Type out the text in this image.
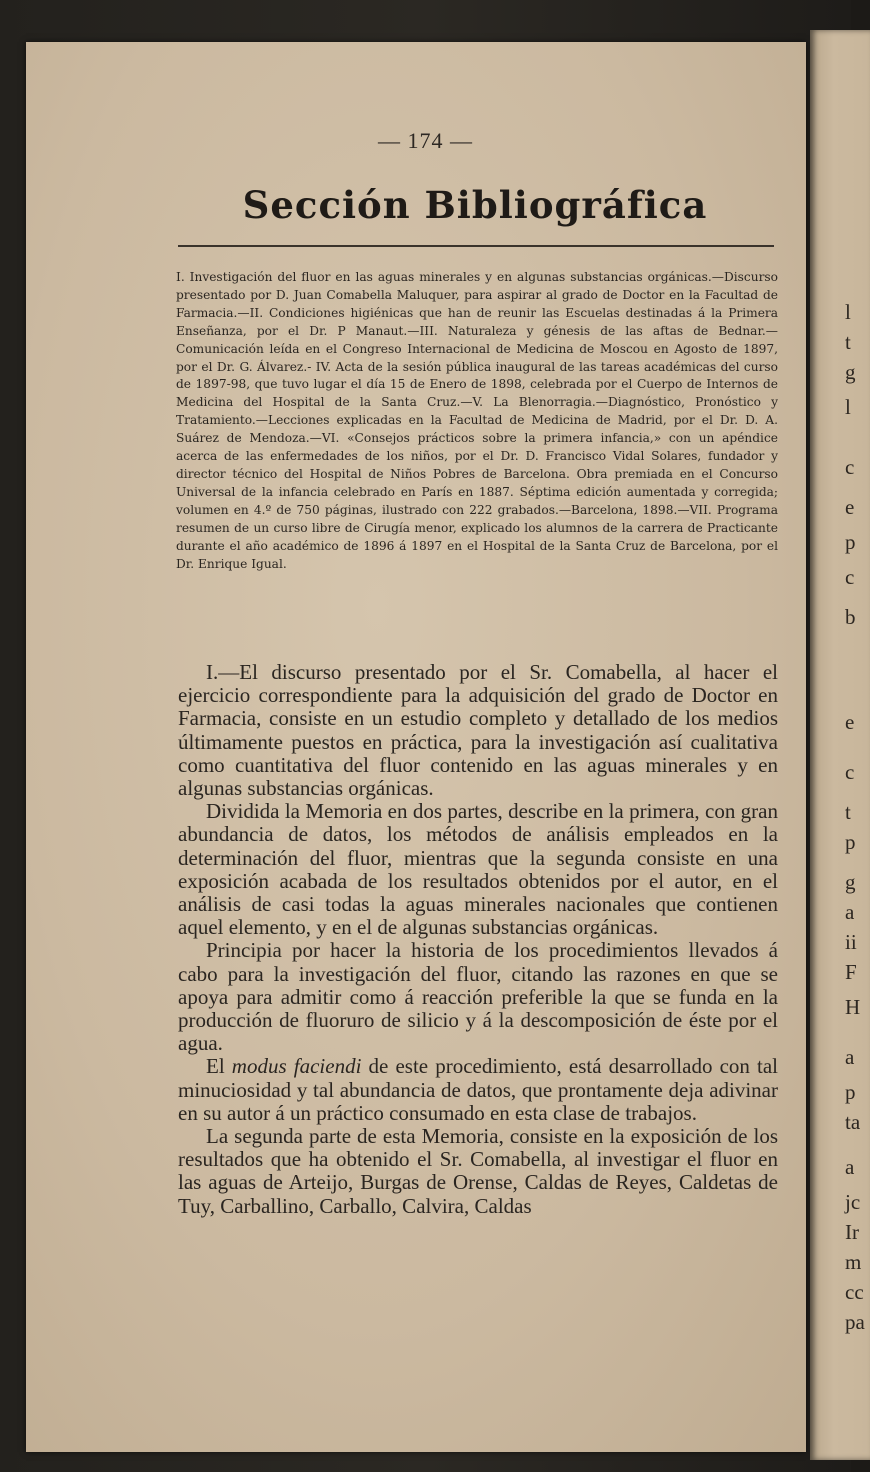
l
t
g
l
c
e
p
c
b
e
c
t
p
g
a
ii
F
H
a
p
ta
a
jc
Ir
m
cc
pa
— 174 —
Sección Bibliográfica

I. Investigación del fluor en las aguas minerales y en algunas substancias orgánicas.—Discurso presentado por D. Juan Comabella Maluquer, para aspirar al grado de Doctor en la Facultad de Farmacia.—II. Condiciones higiénicas que han de reunir las Escuelas destinadas á la Primera Enseñanza, por el Dr. P Manaut.—III. Naturaleza y génesis de las aftas de Bednar.—Comunicación leída en el Congreso Internacional de Medicina de Moscou en Agosto de 1897, por el Dr. G. Álvarez.- IV. Acta de la sesión pública inaugural de las tareas académicas del curso de 1897-98, que tuvo lugar el día 15 de Enero de 1898, celebrada por el Cuerpo de Internos de Medicina del Hospital de la Santa Cruz.—V. La Blenorragia.—Diagnóstico, Pronóstico y Tratamiento.—Lecciones explicadas en la Facultad de Medicina de Madrid, por el Dr. D. A. Suárez de Mendoza.—VI. «Consejos prácticos sobre la primera infancia,» con un apéndice acerca de las enfermedades de los niños, por el Dr. D. Francisco Vidal Solares, fundador y director técnico del Hospital de Niños Pobres de Barcelona. Obra premiada en el Concurso Universal de la infancia celebrado en París en 1887. Séptima edición aumentada y corregida; volumen en 4.º de 750 páginas, ilustrado con 222 grabados.—Barcelona, 1898.—VII. Programa resumen de un curso libre de Cirugía menor, explicado los alumnos de la carrera de Practicante durante el año académico de 1896 á 1897 en el Hospital de la Santa Cruz de Barcelona, por el Dr. Enrique Igual.

I.—El discurso presentado por el Sr. Comabella, al hacer el ejercicio correspondiente para la adquisición del grado de Doctor en Farmacia, consiste en un estudio completo y detallado de los medios últimamente puestos en práctica, para la investigación así cualitativa como cuantitativa del fluor contenido en las aguas minerales y en algunas substancias orgánicas.

Dividida la Memoria en dos partes, describe en la primera, con gran abundancia de datos, los métodos de análisis empleados en la determinación del fluor, mientras que la segunda consiste en una exposición acabada de los resultados obtenidos por el autor, en el análisis de casi todas la aguas minerales nacionales que contienen aquel elemento, y en el de algunas substancias orgánicas.

Principia por hacer la historia de los procedimientos llevados á cabo para la investigación del fluor, citando las razones en que se apoya para admitir como á reacción preferible la que se funda en la producción de fluoruro de silicio y á la descomposición de éste por el agua.

El modus faciendi de este procedimiento, está desarrollado con tal minuciosidad y tal abundancia de datos, que prontamente deja adivinar en su autor á un práctico consumado en esta clase de trabajos.

La segunda parte de esta Memoria, consiste en la exposición de los resultados que ha obtenido el Sr. Comabella, al investigar el fluor en las aguas de Arteijo, Burgas de Orense, Caldas de Reyes, Caldetas de Tuy, Carballino, Carballo, Calvira, Caldas
